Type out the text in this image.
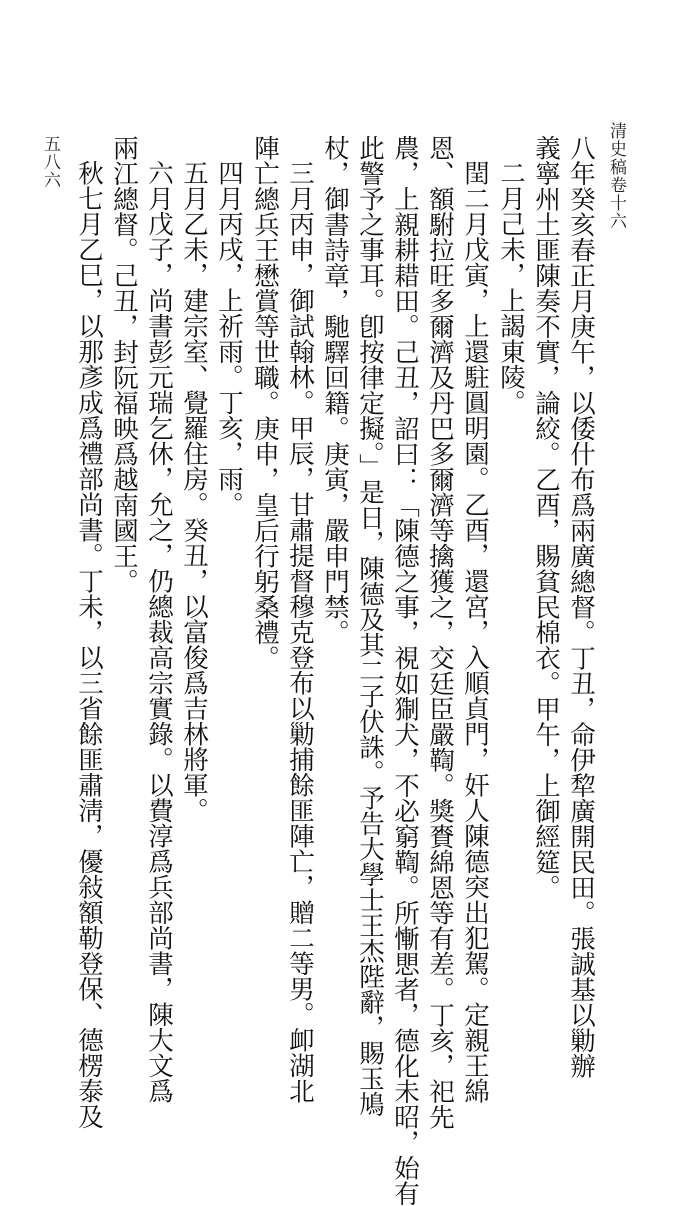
清史稿卷十六
五八六	八年癸亥春正月庚午，以倭什布爲兩廣總督。丁丑，命伊犂廣開民田。張誠基以勦辦
義寧州土匪陳奏不實，論絞。乙酉，賜貧民棉衣。甲午，上御經筵。
二月己未，上謁東陵。
閏二月戊寅，上還駐圓明園。乙酉，還宮，入順貞門，奸人陳德突出犯駕。定親王綿
恩、額駙拉旺多爾濟及丹巴多爾濟等擒獲之，交廷臣嚴鞫。獎賚綿恩等有差。丁亥，祀先
農，上親耕耤田。己丑，詔曰：「陳德之事，視如猘犬，不必窮鞫。所慚愳者，德化未昭，始有
此警予之事耳。卽按律定擬。」是日，陳德及其二子伏誅。予告大學士王杰陛辭，賜玉鳩
杖，御書詩章，馳驛回籍。庚寅，嚴申門禁。
三月丙申，御試翰林。甲辰，甘肅提督穆克登布以勦捕餘匪陣亡，贈二等男。卹湖北
陣亡總兵王懋賞等世職。庚申，皇后行躬桑禮。
四月丙戌，上祈雨。丁亥，雨。
五月乙未，建宗室、覺羅住房。癸丑，以富俊爲吉林將軍。
六月戊子，尚書彭元瑞乞休，允之，仍總裁高宗實錄。以費淳爲兵部尚書，陳大文爲
兩江總督。己丑，封阮福映爲越南國王。
秋七月乙巳，以那彥成爲禮部尚書。丁未，以三省餘匪肅淸，優敍額勒登保、德楞泰及
